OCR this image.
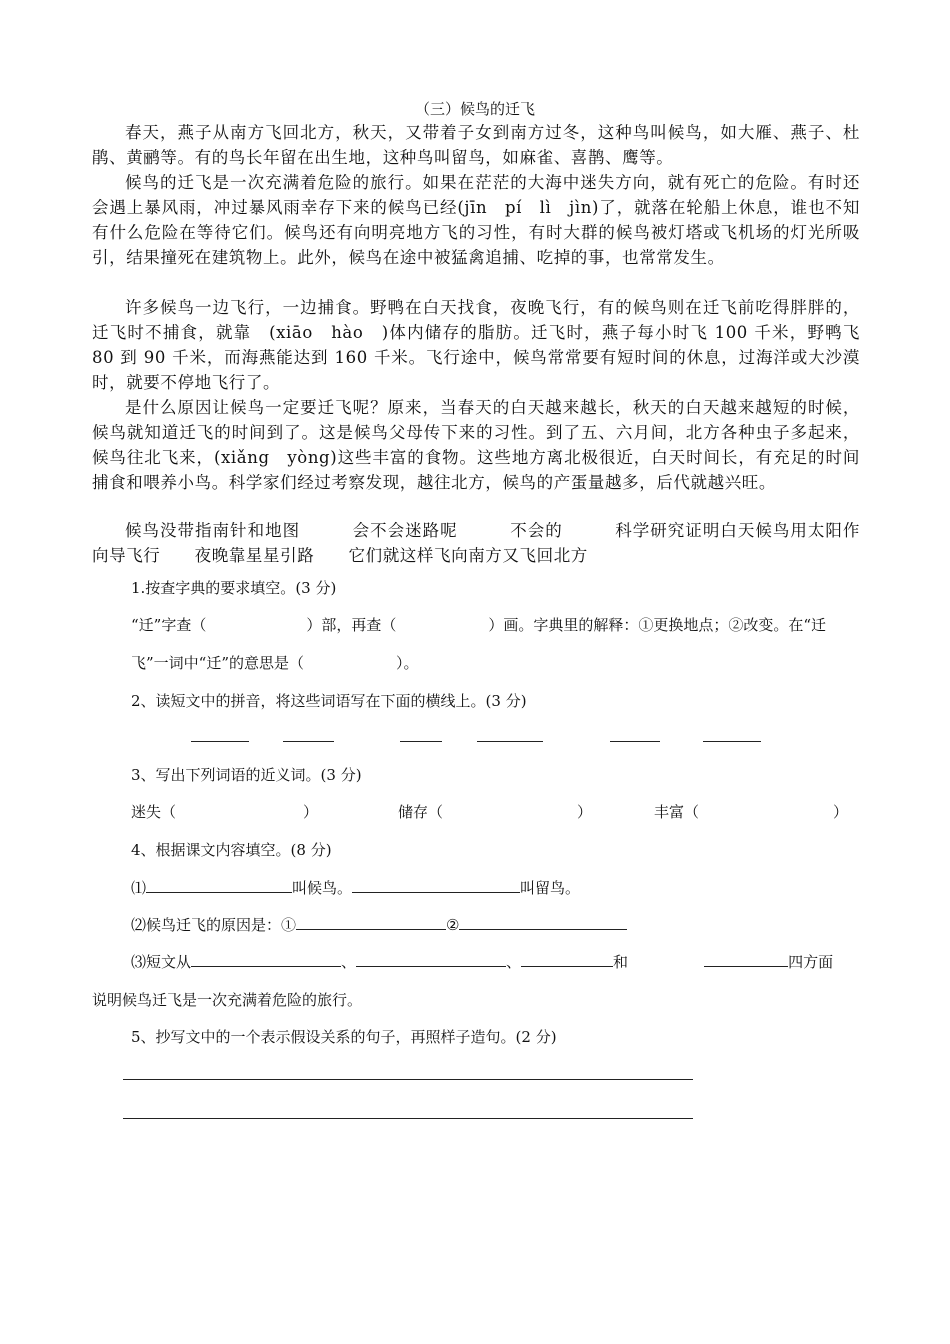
（三）候鸟的迁飞

春天，燕子从南方飞回北方，秋天，又带着子女到南方过冬，这种鸟叫候鸟，如大雁、燕子、杜鹃、黄鹂等。有的鸟长年留在出生地，这种鸟叫留鸟，如麻雀、喜鹊、鹰等。

候鸟的迁飞是一次充满着危险的旅行。如果在茫茫的大海中迷失方向，就有死亡的危险。有时还会遇上暴风雨，冲过暴风雨幸存下来的候鸟已经(jīn　pí　lì　jìn)了，就落在轮船上休息，谁也不知有什么危险在等待它们。候鸟还有向明亮地方飞的习性，有时大群的候鸟被灯塔或飞机场的灯光所吸引，结果撞死在建筑物上。此外，候鸟在途中被猛禽追捕、吃掉的事，也常常发生。

许多候鸟一边飞行，一边捕食。野鸭在白天找食，夜晚飞行，有的候鸟则在迁飞前吃得胖胖的，迁飞时不捕食，就靠　(xiāo　hào　)体内储存的脂肪。迁飞时，燕子每小时飞 100 千米，野鸭飞 80 到 90 千米，而海燕能达到 160 千米。飞行途中，候鸟常常要有短时间的休息，过海洋或大沙漠时，就要不停地飞行了。

是什么原因让候鸟一定要迁飞呢？原来，当春天的白天越来越长，秋天的白天越来越短的时候，候鸟就知道迁飞的时间到了。这是候鸟父母传下来的习性。到了五、六月间，北方各种虫子多起来，候鸟往北飞来，(xiǎng　yòng)这些丰富的食物。这些地方离北极很近，白天时间长，有充足的时间捕食和喂养小鸟。科学家们经过考察发现，越往北方，候鸟的产蛋量越多，后代就越兴旺。

候鸟没带指南针和地图　　　会不会迷路呢　　　不会的　　　科学研究证明白天候鸟用太阳作向导飞行　　夜晚靠星星引路　　它们就这样飞向南方又飞回北方

1.按查字典的要求填空。(3 分)
“迁”字查（	）部，再查（	）画。字典里的解释：①更换地点；②改变。在“迁
飞”一词中“迁”的意思是（	）。
2、读短文中的拼音，将这些词语写在下面的横线上。(3 分)
3、写出下列词语的近义词。(3 分)
迷失（	）	储存（	）	丰富（	）
4、根据课文内容填空。(8 分)
⑴	叫候鸟。	叫留鸟。
⑵候鸟迁飞的原因是：①	②
⑶短文从	、	、	和	四方面
说明候鸟迁飞是一次充满着危险的旅行。
5、抄写文中的一个表示假设关系的句子，再照样子造句。(2 分)
